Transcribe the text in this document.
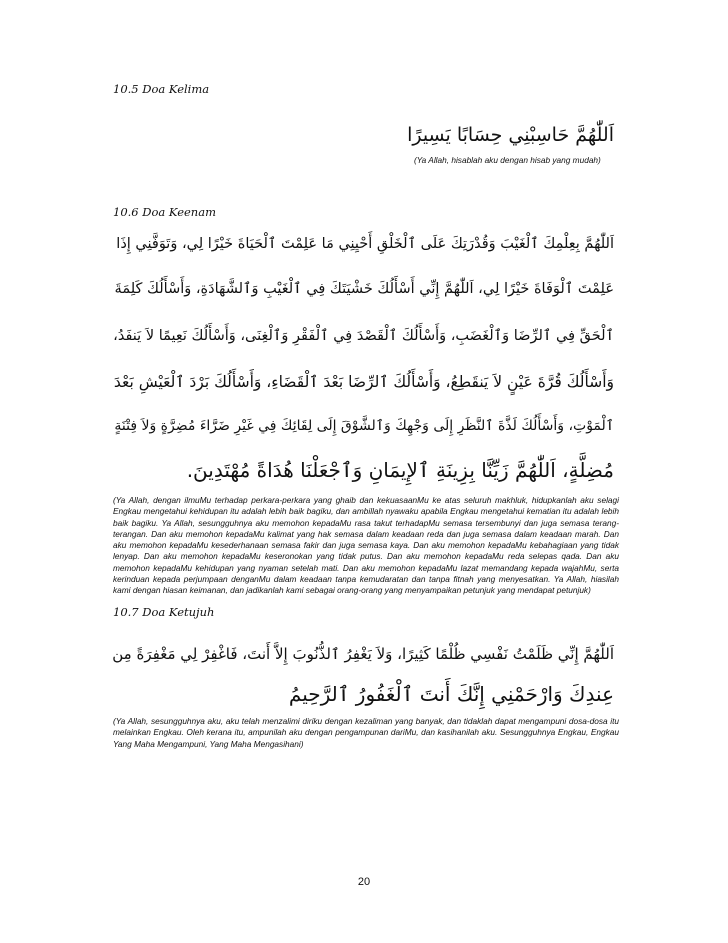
10.5 Doa Kelima
اَللّٰهُمَّ حَاسِبْنِي حِسَابًا يَسِيرًا
(Ya Allah, hisablah aku dengan hisab yang mudah)
10.6 Doa Keenam
اَللّٰهُمَّ بِعِلْمِكَ ٱلْغَيْبَ وَقُدْرَتِكَ عَلَى ٱلْخَلْقِ أَحْيِنِي مَا عَلِمْتَ ٱلْحَيَاةَ خَيْرًا لِي، وَتَوَفَّنِي إِذَا
عَلِمْتَ ٱلْوَفَاةَ خَيْرًا لِي، اَللّٰهُمَّ إِنِّي أَسْأَلُكَ خَشْيَتَكَ فِي ٱلْغَيْبِ وَٱلشَّهَادَةِ، وَأَسْأَلُكَ كَلِمَةَ
ٱلْحَقِّ فِي ٱلرِّضَا وَٱلْغَضَبِ، وَأَسْأَلُكَ ٱلْقَصْدَ فِي ٱلْفَقْرِ وَٱلْغِنَى، وَأَسْأَلُكَ نَعِيمًا لاَ يَنفَدُ،
وَأَسْأَلُكَ قُرَّةَ عَيْنٍ لاَ يَنقَطِعُ، وَأَسْأَلُكَ ٱلرِّضَا بَعْدَ ٱلْقَضَاءِ، وَأَسْأَلُكَ بَرْدَ ٱلْعَيْشِ بَعْدَ
ٱلْمَوْتِ، وَأَسْأَلُكَ لَذَّةَ ٱلنَّظَرِ إِلَى وَجْهِكَ وَٱلشَّوْقَ إِلَى لِقَائِكَ فِي غَيْرِ ضَرَّاءَ مُضِرَّةٍ وَلاَ فِتْنَةٍ
مُضِلَّةٍ، اَللّٰهُمَّ زَيِّنَّا بِزِينَةِ ٱلإِيمَانِ وَٱجْعَلْنَا هُدَاةً مُهْتَدِينَ.
(Ya Allah, dengan ilmuMu terhadap perkara-perkara yang ghaib dan kekuasaanMu ke atas seluruh makhluk, hidupkanlah aku selagi Engkau mengetahui kehidupan itu adalah lebih baik bagiku, dan ambillah nyawaku apabila Engkau mengetahui kematian itu adalah lebih baik bagiku. Ya Allah, sesungguhnya aku memohon kepadaMu rasa takut terhadapMu semasa tersembunyi dan juga semasa terang-terangan. Dan aku memohon kepadaMu kalimat yang hak semasa dalam keadaan reda dan juga semasa dalam keadaan marah. Dan aku memohon kepadaMu kesederhanaan semasa fakir dan juga semasa kaya. Dan aku memohon kepadaMu kebahagiaan yang tidak lenyap. Dan aku memohon kepadaMu keseronokan yang tidak putus. Dan aku memohon kepadaMu reda selepas qada. Dan aku memohon kepadaMu kehidupan yang nyaman setelah mati. Dan aku memohon kepadaMu lazat memandang kepada wajahMu, serta kerinduan kepada perjumpaan denganMu dalam keadaan tanpa kemudaratan dan tanpa fitnah yang menyesatkan. Ya Allah, hiasilah kami dengan hiasan keimanan, dan jadikanlah kami sebagai orang-orang yang menyampaikan petunjuk yang mendapat petunjuk)
10.7 Doa Ketujuh
اَللّٰهُمَّ إِنِّي ظَلَمْتُ نَفْسِي ظُلْمًا كَثِيرًا، وَلاَ يَغْفِرُ ٱلذُّنُوبَ إِلاَّ أَنتَ، فَاغْفِرْ لِي مَغْفِرَةً مِن
عِندِكَ وَارْحَمْنِي إِنَّكَ أَنتَ ٱلْغَفُورُ ٱلرَّحِيمُ
(Ya Allah, sesungguhnya aku, aku telah menzalimi diriku dengan kezaliman yang banyak, dan tidaklah dapat mengampuni dosa-dosa itu melainkan Engkau. Oleh kerana itu, ampunilah aku dengan pengampunan dariMu, dan kasihanilah aku. Sesungguhnya Engkau, Engkau Yang Maha Mengampuni, Yang Maha Mengasihani)
20
